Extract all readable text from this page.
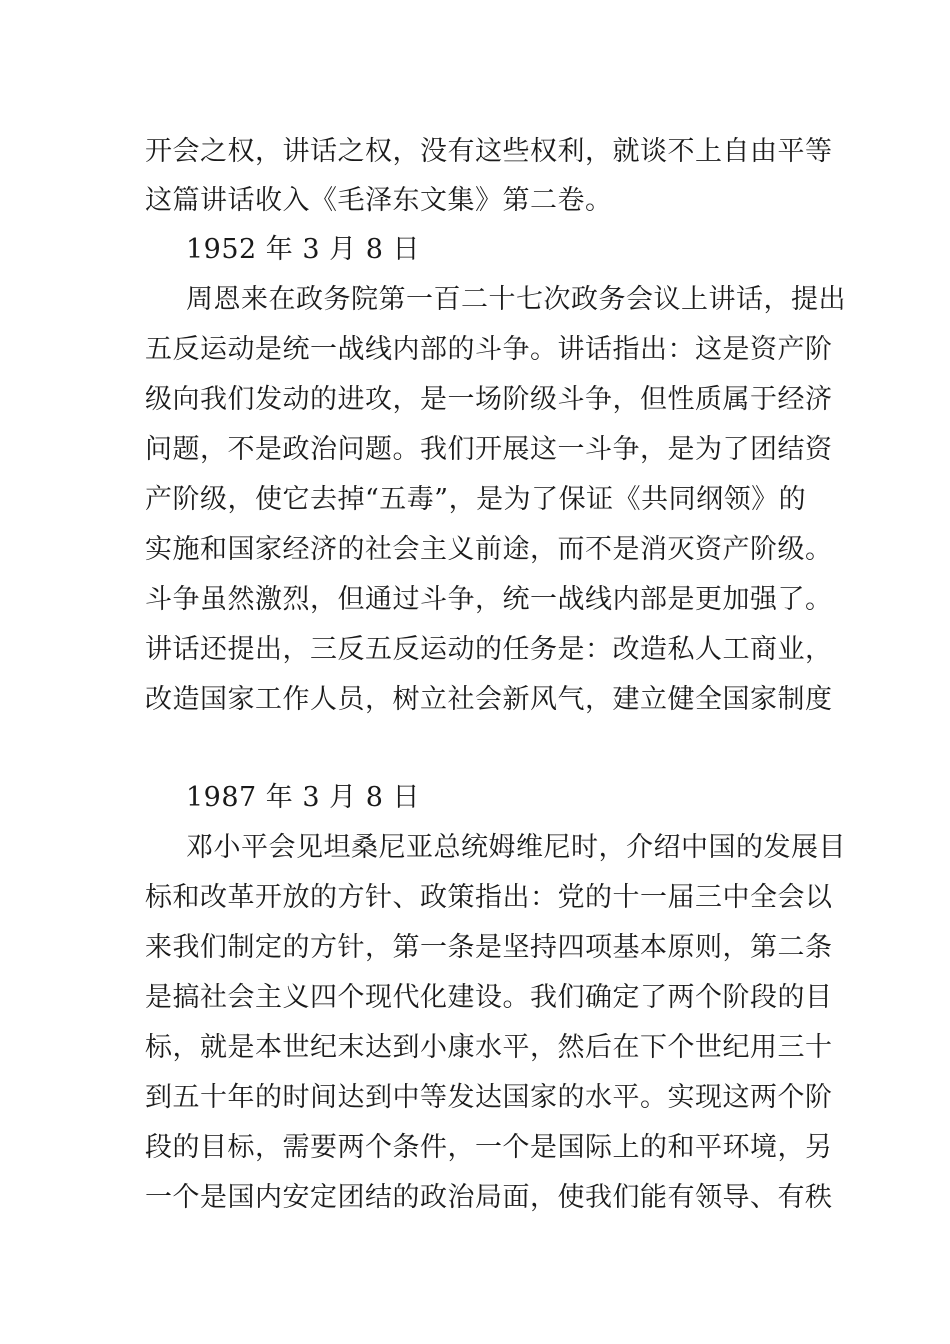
开会之权，讲话之权，没有这些权利，就谈不上自由平等
这篇讲话收入《毛泽东文集》第二卷。
1952 年 3 月 8 日
周恩来在政务院第一百二十七次政务会议上讲话，提出
五反运动是统一战线内部的斗争。讲话指出：这是资产阶
级向我们发动的进攻，是一场阶级斗争，但性质属于经济
问题，不是政治问题。我们开展这一斗争，是为了团结资
产阶级，使它去掉“五毒”，是为了保证《共同纲领》的
实施和国家经济的社会主义前途，而不是消灭资产阶级。
斗争虽然激烈，但通过斗争，统一战线内部是更加强了。
讲话还提出，三反五反运动的任务是：改造私人工商业，
改造国家工作人员，树立社会新风气，建立健全国家制度
1987 年 3 月 8 日
邓小平会见坦桑尼亚总统姆维尼时，介绍中国的发展目
标和改革开放的方针、政策指出：党的十一届三中全会以
来我们制定的方针，第一条是坚持四项基本原则，第二条
是搞社会主义四个现代化建设。我们确定了两个阶段的目
标，就是本世纪末达到小康水平，然后在下个世纪用三十
到五十年的时间达到中等发达国家的水平。实现这两个阶
段的目标，需要两个条件，一个是国际上的和平环境，另
一个是国内安定团结的政治局面，使我们能有领导、有秩
